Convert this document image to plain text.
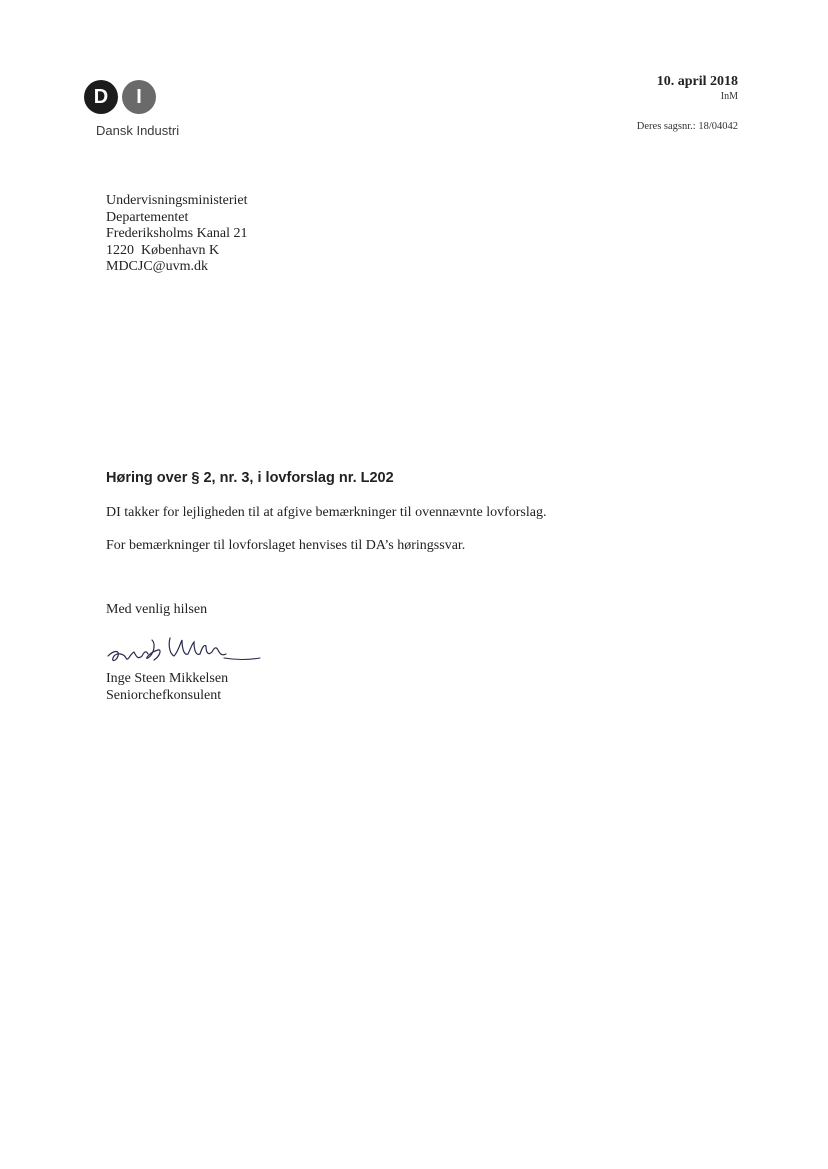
D	I
Dansk Industri
10. april 2018
InM
Deres sagsnr.: 18/04042
Undervisningsministeriet
Departementet
Frederiksholms Kanal 21
1220  København K
MDCJC@uvm.dk
Høring over § 2, nr. 3, i lovforslag nr. L202
DI takker for lejligheden til at afgive bemærkninger til ovennævnte lovforslag.
For bemærkninger til lovforslaget henvises til DA’s høringssvar.
Med venlig hilsen
Inge Steen Mikkelsen
Seniorchefkonsulent
